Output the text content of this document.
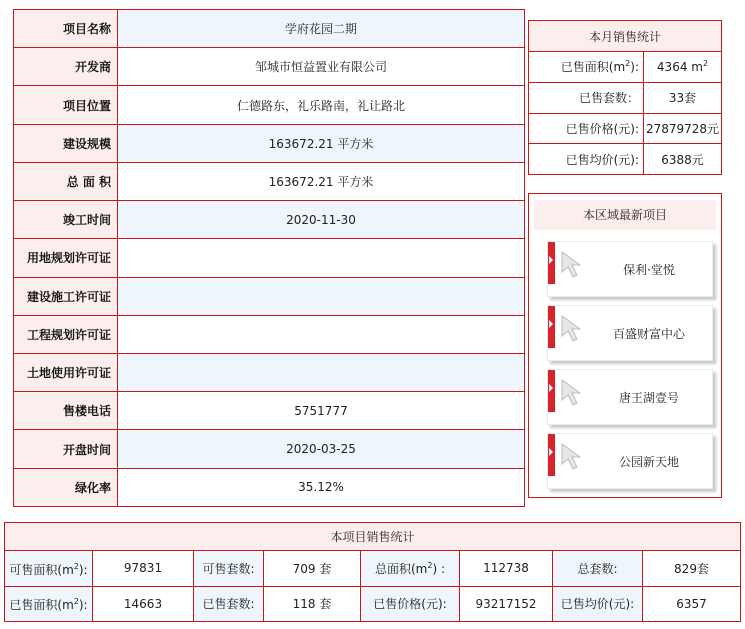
项目名称	学府花园二期
开发商	邹城市恒益置业有限公司
项目位置	仁德路东，礼乐路南，礼让路北
建设规模	163672.21 平方米
总 面 积	163672.21 平方米
竣工时间	2020-11-30
用地规划许可证	
建设施工许可证	
工程规划许可证	
土地使用许可证	
售楼电话	5751777
开盘时间	2020-03-25
绿化率	35.12%
本月销售统计	
已售面积$(m^2)$:	4364 $m^2$
已售套数：	33套
已售价格(元):	27879728元
已售均价(元):	6388元
本区域最新项目
保利·堂悦
百盛财富中心
唐王湖壹号
公园新天地
本项目销售统计							
可售面积$(m^2)$:	97831	可售套数:	709 套	总面积$(m^2)$ :	112738	总套数:	829套
已售面积$(m^2)$:	14663	已售套数:	118 套	已售价格(元):	93217152	已售均价(元):	6357
